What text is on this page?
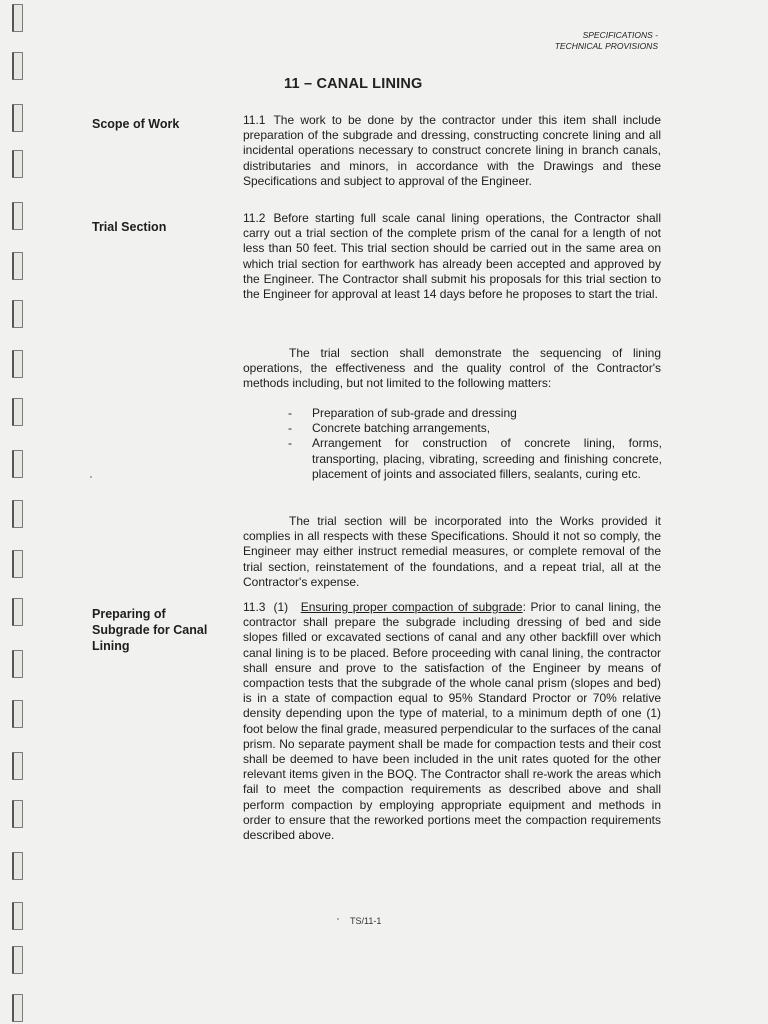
SPECIFICATIONS -
TECHNICAL PROVISIONS
11 – CANAL LINING
Scope of Work	11.1 The work to be done by the contractor under this item shall include preparation of the subgrade and dressing, constructing concrete lining and all incidental operations necessary to construct concrete lining in branch canals, distributaries and minors, in accordance with the Drawings and these Specifications and subject to approval of the Engineer.
Trial Section
11.2 Before starting full scale canal lining operations, the Contractor shall carry out a trial section of the complete prism of the canal for a length of not less than 50 feet. This trial section should be carried out in the same area on which trial section for earthwork has already been accepted and approved by the Engineer. The Contractor shall submit his proposals for this trial section to the Engineer for approval at least 14 days before he proposes to start the trial.
The trial section shall demonstrate the sequencing of lining operations, the effectiveness and the quality control of the Contractor's methods including, but not limited to the following matters:
- Preparation of sub-grade and dressing
- Concrete batching arrangements,
- Arrangement for construction of concrete lining, forms, transporting, placing, vibrating, screeding and finishing concrete, placement of joints and associated fillers, sealants, curing etc.
The trial section will be incorporated into the Works provided it complies in all respects with these Specifications. Should it not so comply, the Engineer may either instruct remedial measures, or complete removal of the trial section, reinstatement of the foundations, and a repeat trial, all at the Contractor's expense.
Preparing of
Subgrade for Canal
Lining
11.3 (1) Ensuring proper compaction of subgrade: Prior to canal lining, the contractor shall prepare the subgrade including dressing of bed and side slopes filled or excavated sections of canal and any other backfill over which canal lining is to be placed. Before proceeding with canal lining, the contractor shall ensure and prove to the satisfaction of the Engineer by means of compaction tests that the subgrade of the whole canal prism (slopes and bed) is in a state of compaction equal to 95% Standard Proctor or 70% relative density depending upon the type of material, to a minimum depth of one (1) foot below the final grade, measured perpendicular to the surfaces of the canal prism. No separate payment shall be made for compaction tests and their cost shall be deemed to have been included in the unit rates quoted for the other relevant items given in the BOQ. The Contractor shall re-work the areas which fail to meet the compaction requirements as described above and shall perform compaction by employing appropriate equipment and methods in order to ensure that the reworked portions meet the compaction requirements described above.
TS/11-1
